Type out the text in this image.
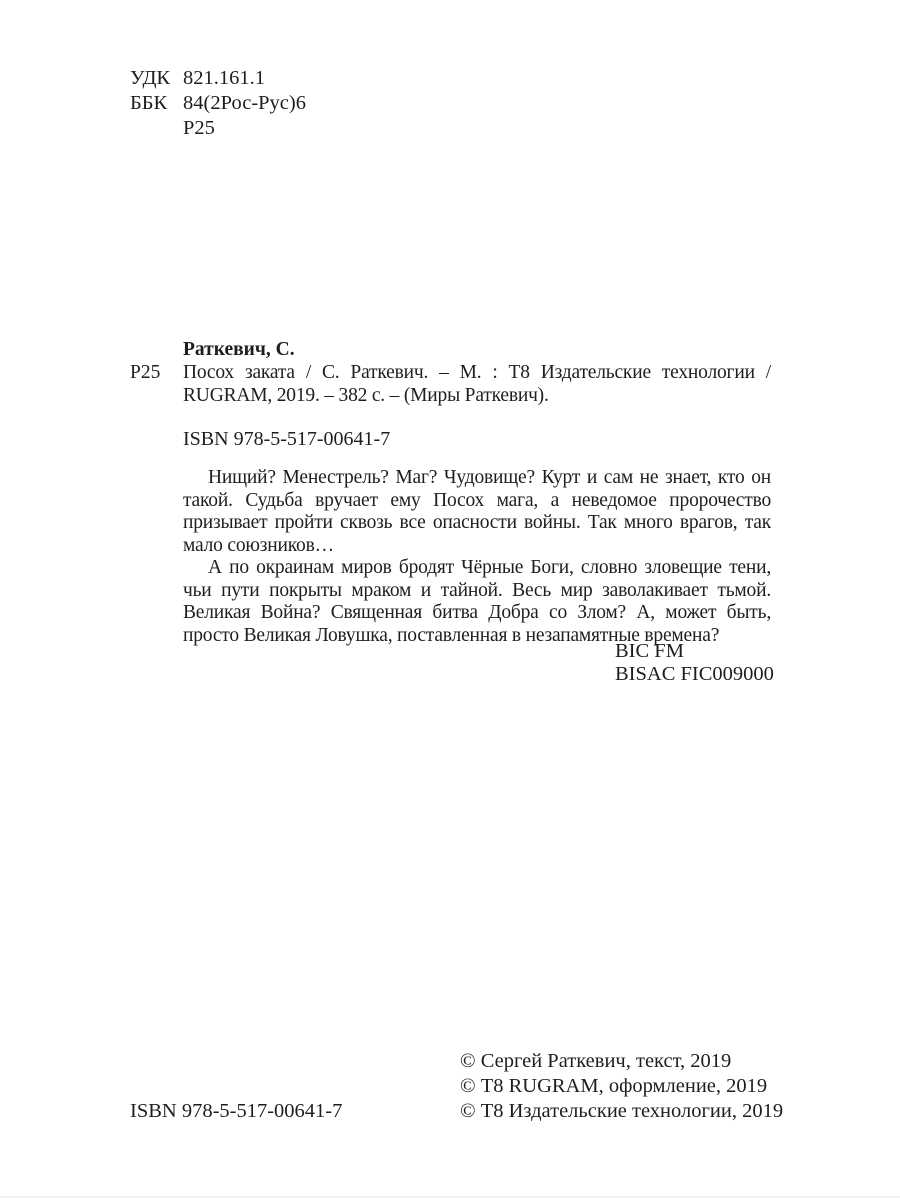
УДК 821.161.1
ББК 84(2Рос-Рус)6
Р25
Раткевич, С.
Р25	Посох заката / С. Раткевич. – М. : Т8 Издательские технологии / RUGRAM, 2019. – 382 с. – (Миры Раткевич).
ISBN 978-5-517-00641-7

Нищий? Менестрель? Маг? Чудовище? Курт и сам не знает, кто он такой. Судьба вручает ему Посох мага, а неведомое пророчество призывает пройти сквозь все опасности войны. Так много врагов, так мало союзников…

А по окраинам миров бродят Чёрные Боги, словно зловещие тени, чьи пути покрыты мраком и тайной. Весь мир заволакивает тьмой. Великая Война? Священная битва Добра со Злом? А, может быть, просто Великая Ловушка, поставленная в незапамятные времена?

BIC FM
BISAC FIC009000
© Сергей Раткевич, текст, 2019
© Т8 RUGRAM, оформление, 2019
© Т8 Издательские технологии, 2019
ISBN 978-5-517-00641-7
